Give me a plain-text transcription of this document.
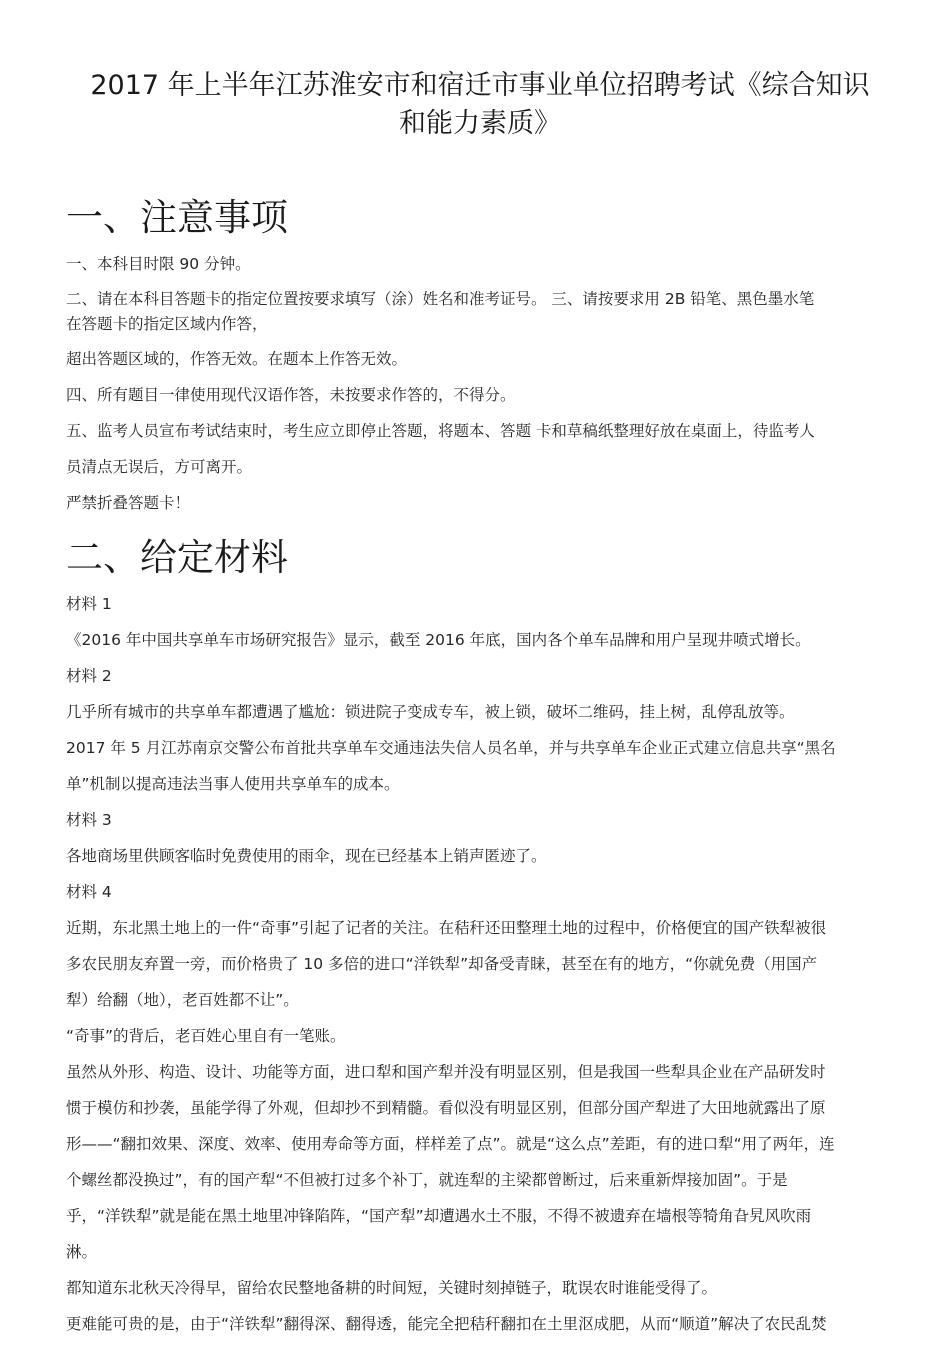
2017 年上半年江苏淮安市和宿迁市事业单位招聘考试《综合知识
和能力素质》
一、注意事项
一、本科目时限 90 分钟。
二、请在本科目答题卡的指定位置按要求填写（涂）姓名和准考证号。 三、请按要求用 2B 铅笔、黑色墨水笔
在答题卡的指定区域内作答，
超出答题区域的，作答无效。在题本上作答无效。
四、所有题目一律使用现代汉语作答，未按要求作答的，不得分。
五、监考人员宣布考试结束时，考生应立即停止答题，将题本、答题 卡和草稿纸整理好放在桌面上，待监考人
员清点无误后，方可离开。
严禁折叠答题卡！
二、给定材料
材料 1
《2016 年中国共享单车市场研究报告》显示，截至 2016 年底，国内各个单车品牌和用户呈现井喷式增长。
材料 2
几乎所有城市的共享单车都遭遇了尴尬：锁进院子变成专车，被上锁，破坏二维码，挂上树，乱停乱放等。
2017 年 5 月江苏南京交警公布首批共享单车交通违法失信人员名单，并与共享单车企业正式建立信息共享“黑名
单”机制以提高违法当事人使用共享单车的成本。
材料 3
各地商场里供顾客临时免费使用的雨伞，现在已经基本上销声匿迹了。
材料 4
近期，东北黑土地上的一件“奇事”引起了记者的关注。在秸秆还田整理土地的过程中，价格便宜的国产铁犁被很
多农民朋友弃置一旁，而价格贵了 10 多倍的进口“洋铁犁”却备受青睐，甚至在有的地方，“你就免费（用国产
犁）给翻（地），老百姓都不让”。
“奇事”的背后，老百姓心里自有一笔账。
虽然从外形、构造、设计、功能等方面，进口犁和国产犁并没有明显区别，但是我国一些犁具企业在产品研发时
惯于模仿和抄袭，虽能学得了外观，但却抄不到精髓。看似没有明显区别，但部分国产犁进了大田地就露出了原
形——“翻扣效果、深度、效率、使用寿命等方面，样样差了点”。就是“这么点”差距，有的进口犁“用了两年，连
个螺丝都没换过”，有的国产犁“不但被打过多个补丁，就连犁的主梁都曾断过，后来重新焊接加固”。于是
乎，“洋铁犁”就是能在黑土地里冲锋陷阵，“国产犁”却遭遇水土不服，不得不被遗弃在墙根等犄角旮旯风吹雨
淋。
都知道东北秋天冷得早，留给农民整地备耕的时间短，关键时刻掉链子，耽误农时谁能受得了。
更难能可贵的是，由于“洋铁犁”翻得深、翻得透，能完全把秸秆翻扣在土里沤成肥，从而“顺道”解决了农民乱焚
